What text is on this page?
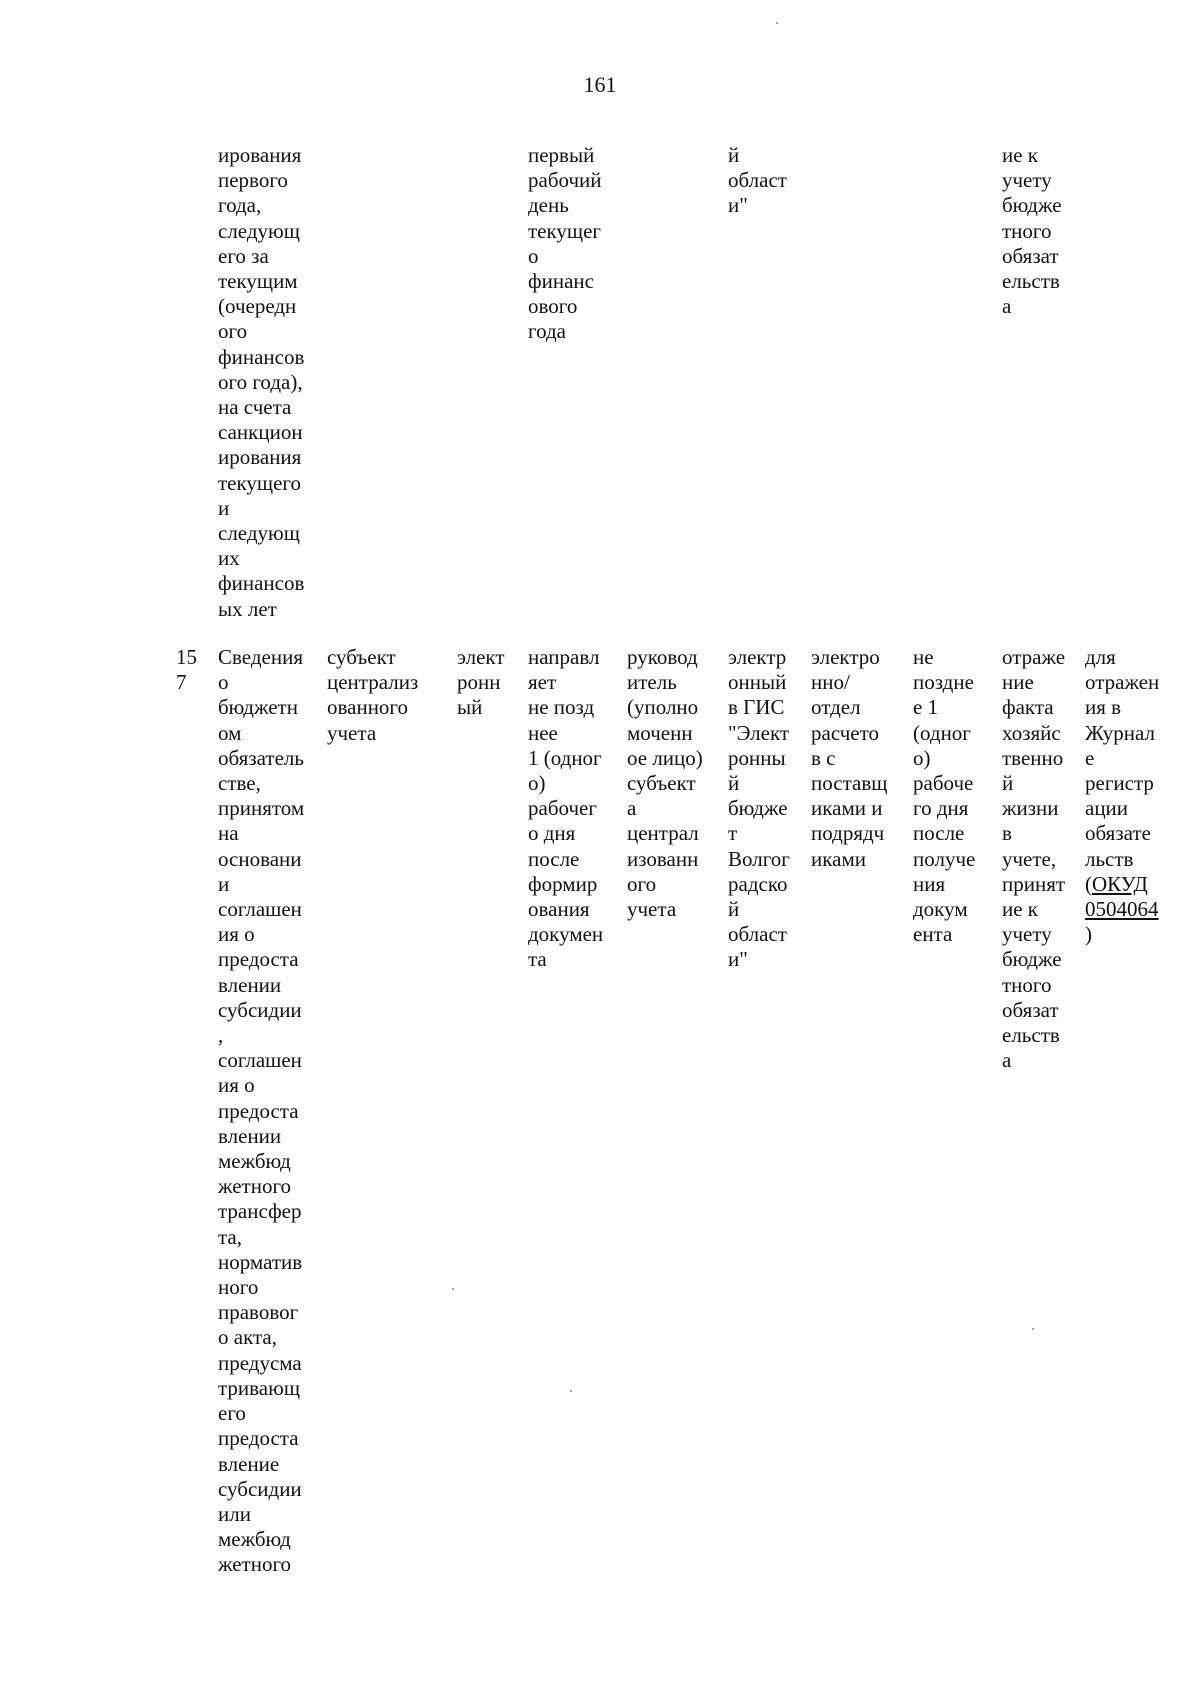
161
ирования
первого
года,
следующ
его за
текущим
(очередн
ого
финансов
ого года),
на счета
санкцион
ирования
текущего
и
следующ
их
финансов
ых лет
первый
рабочий
день
текущег
о
финанс
ового
года
й
област
и"
ие к
учету
бюдже
тного
обязат
ельств
а
15
7
Сведения
о
бюджетн
ом
обязатель
стве,
принятом
на
основани
и
соглашен
ия о
предоста
влении
субсидии
,
соглашен
ия о
предоста
влении
межбюд
жетного
трансфер
та,
норматив
ного
правовог
о акта,
предусма
тривающ
его
предоста
вление
субсидии
или
межбюд
жетного
субъект
централиз
ованного
учета
элект
ронн
ый
направл
яет
не позд
нее
1 (одног
о)
рабочег
о дня
после
формир
ования
докумен
та
руковод
итель
(уполно
моченн
ое лицо)
субъект
а
централ
изованн
ого
учета
электр
онный
в ГИС
"Элект
ронны
й
бюдже
т
Волгог
радско
й
област
и"
электро
нно/
отдел
расчето
в с
поставщ
иками и
подрядч
иками
не
поздне
е 1
(одног
о)
рабоче
го дня
после
получе
ния
докум
ента
отраже
ние
факта
хозяйс
твенно
й
жизни
в
учете,
принят
ие к
учету
бюдже
тного
обязат
ельств
а
для
отражен
ия в
Журнал
е
регистр
ации
обязате
льств
(ОКУД
0504064
)
